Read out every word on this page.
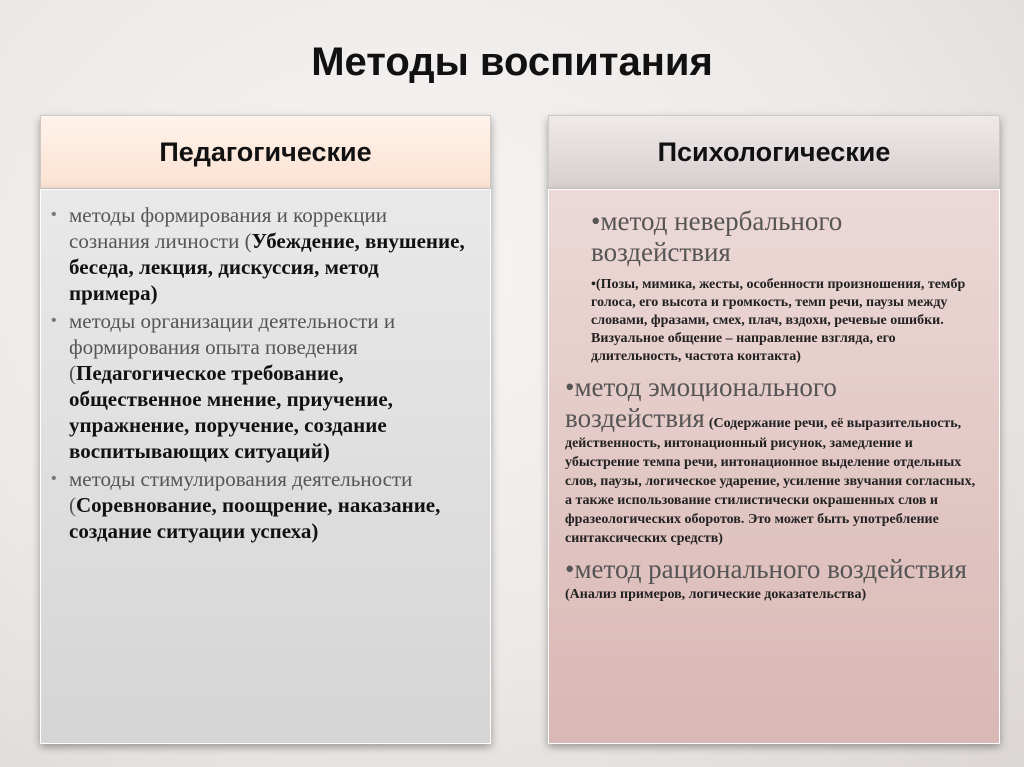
Методы воспитания
Педагогические
• методы формирования и коррекции сознания личности (Убеждение, внушение, беседа, лекция, дискуссия, метод примера)
• методы организации деятельности и формирования опыта поведения (Педагогическое требование, общественное мнение, приучение, упражнение, поручение, создание воспитывающих ситуаций)
• методы стимулирования деятельности (Соревнование, поощрение, наказание, создание ситуации успеха)
Психологические
•метод невербального воздействия
•(Позы, мимика, жесты, особенности произношения, тембр голоса, его высота и громкость, темп речи, паузы между словами, фразами, смех, плач, вздохи, речевые ошибки. Визуальное общение – направление взгляда, его длительность, частота контакта)
•метод эмоционального воздействия (Содержание речи, её выразительность, действенность, интонационный рисунок, замедление и убыстрение темпа речи, интонационное выделение отдельных слов, паузы, логическое ударение, усиление звучания согласных, а также использование стилистически окрашенных слов и фразеологических оборотов. Это может быть употребление синтаксических средств)
•метод рационального воздействия (Анализ примеров, логические доказательства)
